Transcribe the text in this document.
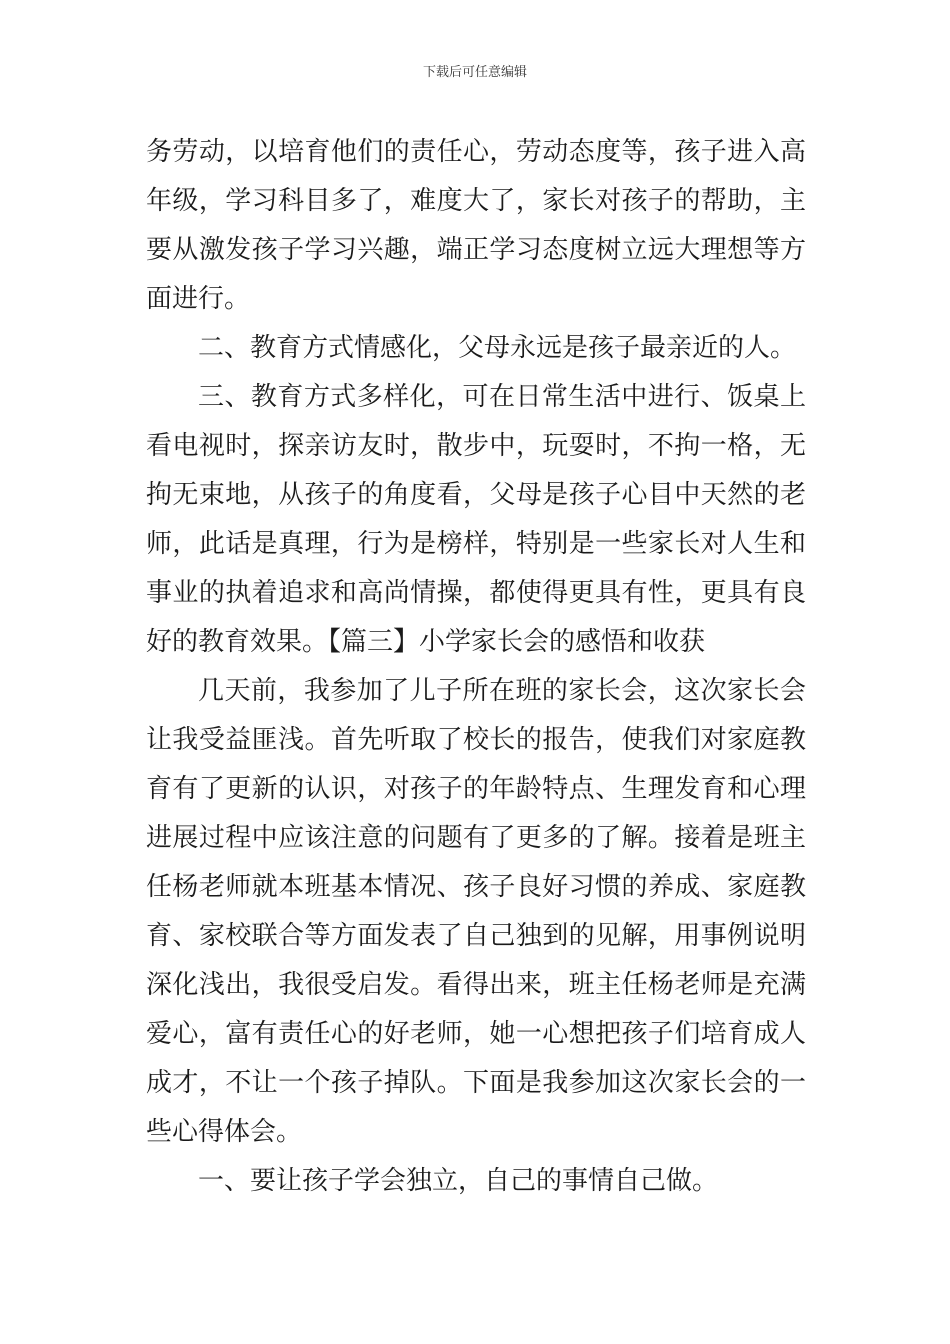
下载后可任意编辑

务劳动，以培育他们的责任心，劳动态度等，孩子进入高年级，学习科目多了，难度大了，家长对孩子的帮助，主要从激发孩子学习兴趣，端正学习态度树立远大理想等方面进行。

二、教育方式情感化，父母永远是孩子最亲近的人。

三、教育方式多样化，可在日常生活中进行、饭桌上看电视时，探亲访友时，散步中，玩耍时，不拘一格，无拘无束地，从孩子的角度看，父母是孩子心目中天然的老师，此话是真理，行为是榜样，特别是一些家长对人生和事业的执着追求和高尚情操，都使得更具有性，更具有良好的教育效果。【篇三】小学家长会的感悟和收获

几天前，我参加了儿子所在班的家长会，这次家长会让我受益匪浅。首先听取了校长的报告，使我们对家庭教育有了更新的认识，对孩子的年龄特点、生理发育和心理进展过程中应该注意的问题有了更多的了解。接着是班主任杨老师就本班基本情况、孩子良好习惯的养成、家庭教育、家校联合等方面发表了自己独到的见解，用事例说明深化浅出，我很受启发。看得出来，班主任杨老师是充满爱心，富有责任心的好老师，她一心想把孩子们培育成人成才，不让一个孩子掉队。下面是我参加这次家长会的一些心得体会。

一、要让孩子学会独立，自己的事情自己做。
